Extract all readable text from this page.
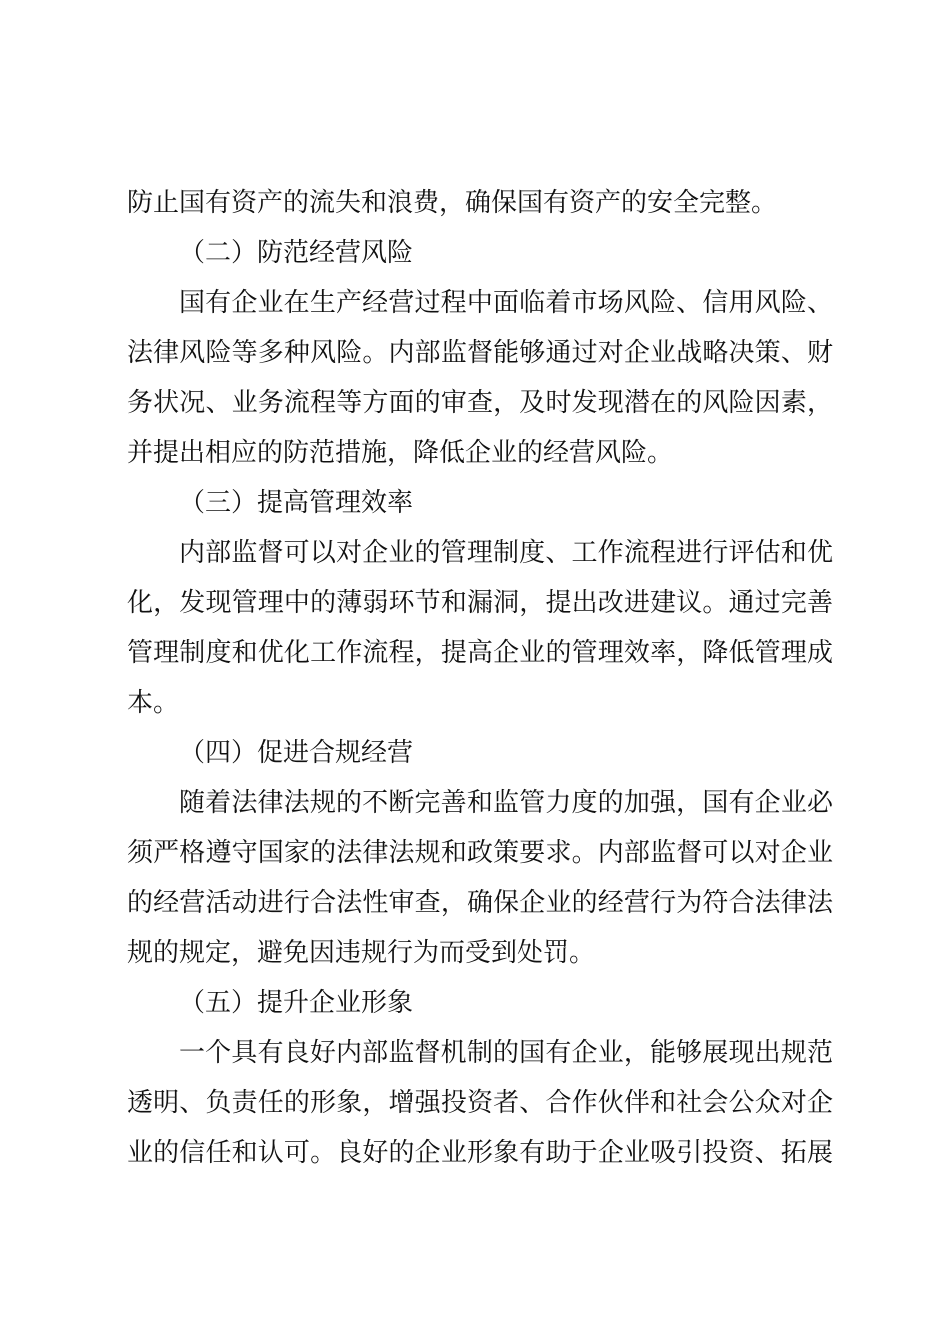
防止国有资产的流失和浪费，确保国有资产的安全完整。
（二）防范经营风险
国有企业在生产经营过程中面临着市场风险、信用风险、
法律风险等多种风险。内部监督能够通过对企业战略决策、财
务状况、业务流程等方面的审查，及时发现潜在的风险因素，
并提出相应的防范措施，降低企业的经营风险。
（三）提高管理效率
内部监督可以对企业的管理制度、工作流程进行评估和优
化，发现管理中的薄弱环节和漏洞，提出改进建议。通过完善
管理制度和优化工作流程，提高企业的管理效率，降低管理成
本。
（四）促进合规经营
随着法律法规的不断完善和监管力度的加强，国有企业必
须严格遵守国家的法律法规和政策要求。内部监督可以对企业
的经营活动进行合法性审查，确保企业的经营行为符合法律法
规的规定，避免因违规行为而受到处罚。
（五）提升企业形象
一个具有良好内部监督机制的国有企业，能够展现出规范
透明、负责任的形象，增强投资者、合作伙伴和社会公众对企
业的信任和认可。良好的企业形象有助于企业吸引投资、拓展
